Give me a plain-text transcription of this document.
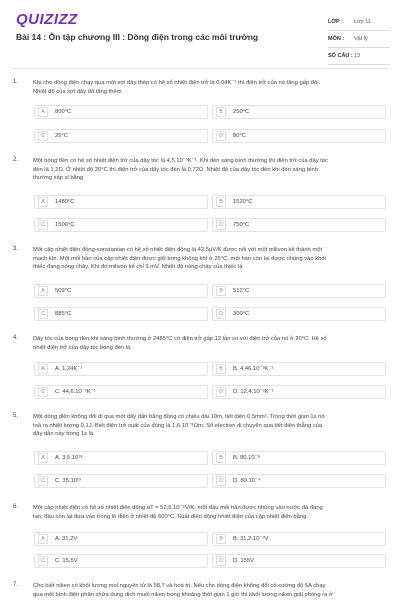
QUIZIZZ
Bài 14 : Ôn tập chương III : Dòng điện trong các môi trường
LỚP :	Lớp 11
MÔN :	Vật lý
SỐ CÂU : 13
1.	Khi cho dòng điện chạy qua một sợi dây thép có hệ số nhiệt điện trở là 0,04K⁻¹ thì điện trở của nó tăng gấp đôi.
Nhiệt độ của sợi dây đã tăng thêm
A	800°C	B	250°C
C	25°C	D	80°C
2.	Một bóng đèn có hệ số nhiệt điện trở của dây tóc là 4,5.10⁻³K⁻¹. Khi đèn sáng bình thường thì điện trở của dây tóc
đèn là 1,2Ω. Ở nhiệt độ 20°C thì điện trở của dây tóc đèn là 0,72Ω. Nhiệt độ của dây tóc đèn khi đèn sáng bình
thường xấp xỉ bằng
A	1480°C	B	1520°C
C	1500°C	D	750°C
3.	Một cặp nhiệt điện đồng-constantan có hệ số nhiệt điện động là 42,5μV/K được nối với một milivon kế thành một
mạch kín. Một mối hàn của cặp nhiệt điện được giữ trong không khí ở 25°C, mối hàn còn lại được nhúng vào khối
thiếc đang nóng chảy. Khi đó milivon kế chỉ 9 mV. Nhiệt độ nóng chảy của thiếc là
A	509°C	B	512°C
C	885°C	D	300°C
4.	Dây tóc của bóng đèn khi sáng bình thường ở 2485°C có điện trở gấp 12 lần so với điện trở của nó ở 20°C. Hệ số
nhiệt điện trở của dây tóc bóng đèn là
A	A. 1,24K⁻¹	B	B. 4,46.10⁻³K⁻¹
C	C. 44,6.10⁻³K⁻¹	D	D. 12,4.10⁻³K⁻¹
5.	Một dòng điện không đổi đi qua một dây dẫn bằng đồng có chiều dài 10m, tiết diện 0,5mm². Trong thời gian 1s nó
toả ra nhiệt lượng 0,1J. Biết điện trở suất của đồng là 1,6.10⁻⁸Ωm. Số electron di chuyển qua tiết diện thẳng của
dây dẫn này trong 1s là
A	A. 3,5.10¹⁸	B	B. 80.10⁻⁸
C	C. 35.10²³	D	D. 80.10⁻⁴
6.	Một cặp nhiệt điện có hệ số nhiệt điện động αT = 52,6.10⁻⁶V/K, một đầu mối hàn được nhúng vào nước đá đang
tan, đầu còn lại đưa vào trong lò điện ở nhiệt độ 600°C. Suất điện động nhiệt điện của cặp nhiệt điện bằng
A	A. 31,2V	B	B. 31,2.10⁻³V
C	C. 15,5V	D	D. 155V
7.	Cho biết niken có khối lượng mol nguyên tử là 58,7 và hoá trị. Nếu cho dòng điện không đổi có cường độ 5A chạy
qua một bình điện phân chứa dung dịch muối niken trong khoảng thời gian 1 giờ thì khối lượng niken giải phóng ra ở
